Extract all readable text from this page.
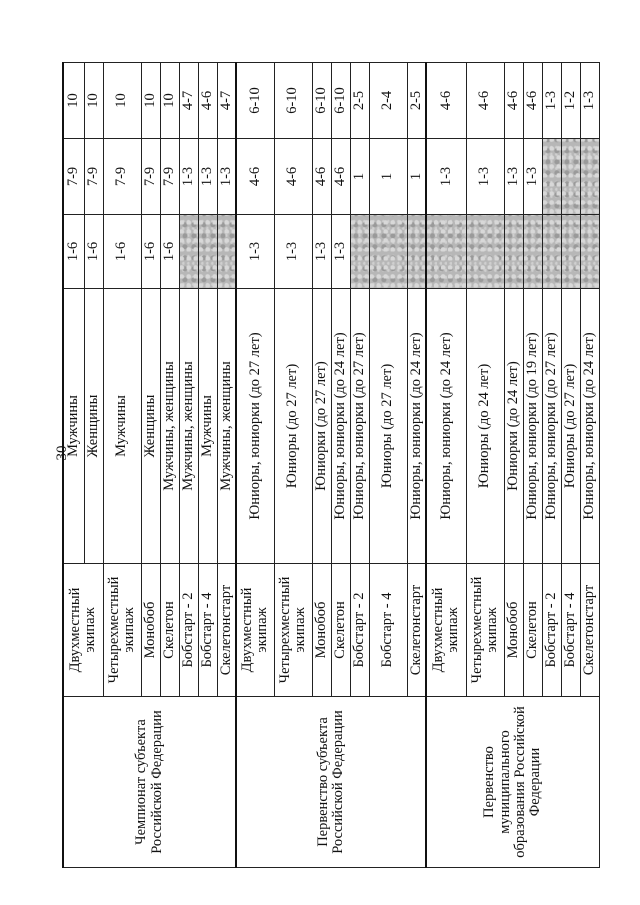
30
Чемпионат субъекта Российской Федерации	Двухместный экипаж	Мужчины	1-6	7-9	10
		Женщины	1-6	7-9	10
	Четырехместный экипаж	Мужчины	1-6	7-9	10
	Монобоб	Женщины	1-6	7-9	10
	Скелетон	Мужчины, женщины	1-6	7-9	10
	Бобстарт - 2	Мужчины, женщины		1-3	4-7
	Бобстарт - 4	Мужчины		1-3	4-6
	Скелетонстарт	Мужчины, женщины		1-3	4-7

Первенство субъекта Российской Федерации	Двухместный экипаж	Юниоры, юниорки (до 27 лет)	1-3	4-6	6-10
	Четырехместный экипаж	Юниоры (до 27 лет)	1-3	4-6	6-10
	Монобоб	Юниорки (до 27 лет)	1-3	4-6	6-10
	Скелетон	Юниоры, юниорки (до 24 лет)	1-3	4-6	6-10
	Бобстарт - 2	Юниоры, юниорки (до 27 лет)		1	2-5
	Бобстарт - 4	Юниоры (до 27 лет)		1	2-4
	Скелетонстарт	Юниоры, юниорки (до 24 лет)		1	2-5
Первенство муниципального образования Российской Федерации	Двухместный экипаж	Юниоры, юниорки (до 24 лет)		1-3	4-6
	Четырехместный экипаж	Юниоры (до 24 лет)		1-3	4-6
	Монобоб	Юниорки (до 24 лет)		1-3	4-6
	Скелетон	Юниоры, юниорки (до 19 лет)		1-3	4-6
	Бобстарт - 2	Юниоры, юниорки (до 27 лет)			1-3
	Бобстарт - 4	Юниоры (до 27 лет)			1-2
	Скелетонстарт	Юниоры, юниорки (до 24 лет)			1-3
